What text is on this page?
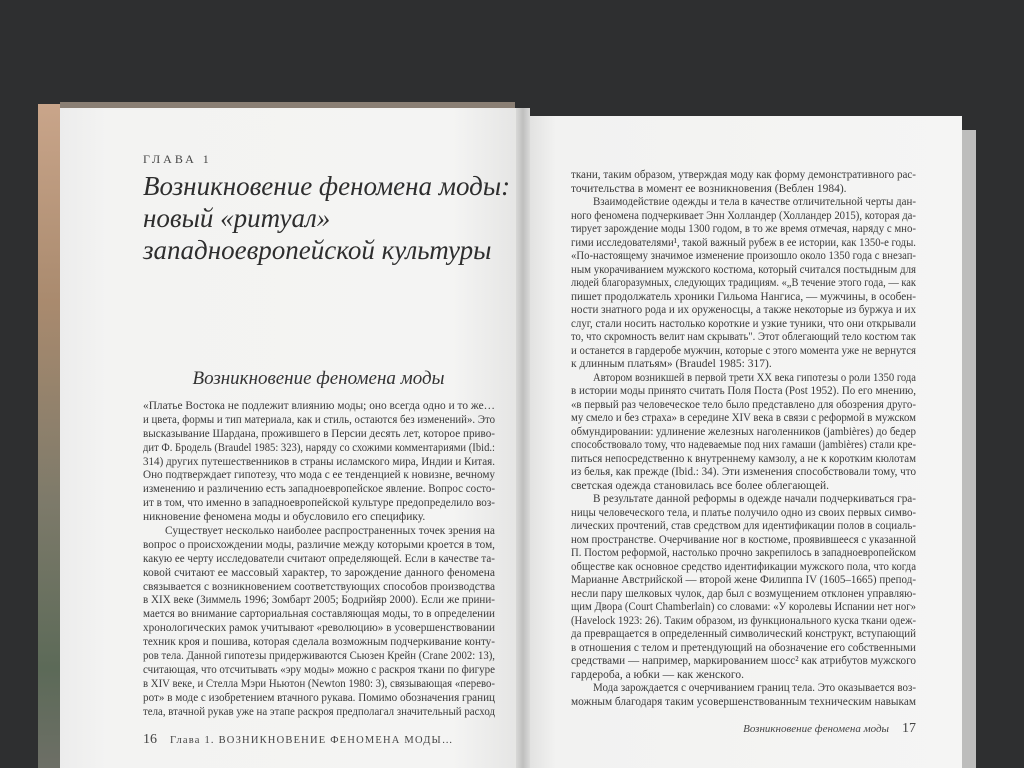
ГЛАВА 1
Возникновение феномена моды:
новый «ритуал»
западноевропейской культуры
Возникновение феномена моды
«Платье Востока не подлежит влиянию моды; оно всегда одно и то же…
и цвета, формы и тип материала, как и стиль, остаются без изменений». Это
высказывание Шардана, прожившего в Персии десять лет, которое приво-
дит Ф. Бродель (Braudel 1985: 323), наряду со схожими комментариями (Ibid.:
314) других путешественников в страны исламского мира, Индии и Китая.
Оно подтверждает гипотезу, что мода с ее тенденцией к новизне, вечному
изменению и различению есть западноевропейское явление. Вопрос состо-
ит в том, что именно в западноевропейской культуре предопределило воз-
никновение феномена моды и обусловило его специфику.
Существует несколько наиболее распространенных точек зрения на
вопрос о происхождении моды, различие между которыми кроется в том,
какую ее черту исследователи считают определяющей. Если в качестве та-
ковой считают ее массовый характер, то зарождение данного феномена
связывается с возникновением соответствующих способов производства
в XIX веке (Зиммель 1996; Зомбарт 2005; Бодрийяр 2000). Если же прини-
мается во внимание сарториальная составляющая моды, то в определении
хронологических рамок учитывают «революцию» в усовершенствовании
техник кроя и пошива, которая сделала возможным подчеркивание конту-
ров тела. Данной гипотезы придерживаются Сьюзен Крейн (Crane 2002: 13),
считающая, что отсчитывать «эру моды» можно с раскроя ткани по фигуре
в XIV веке, и Стелла Мэри Ньютон (Newton 1980: 3), связывающая «перево-
рот» в моде с изобретением втачного рукава. Помимо обозначения границ
тела, втачной рукав уже на этапе раскроя предполагал значительный расход
ткани, таким образом, утверждая моду как форму демонстративного рас-
точительства в момент ее возникновения (Веблен 1984).
Взаимодействие одежды и тела в качестве отличительной черты дан-
ного феномена подчеркивает Энн Холландер (Холландер 2015), которая да-
тирует зарождение моды 1300 годом, в то же время отмечая, наряду с мно-
гими исследователями¹, такой важный рубеж в ее истории, как 1350-е годы.
«По-настоящему значимое изменение произошло около 1350 года с внезап-
ным укорачиванием мужского костюма, который считался постыдным для
людей благоразумных, следующих традициям. «„В течение этого года, — как
пишет продолжатель хроники Гильома Нангиса, — мужчины, в особен-
ности знатного рода и их оруженосцы, а также некоторые из буржуа и их
слуг, стали носить настолько короткие и узкие туники, что они открывали
то, что скромность велит нам скрывать". Этот облегающий тело костюм так
и останется в гардеробе мужчин, которые с этого момента уже не вернутся
к длинным платьям» (Braudel 1985: 317).
Автором возникшей в первой трети XX века гипотезы о роли 1350 года
в истории моды принято считать Поля Поста (Post 1952). По его мнению,
«в первый раз человеческое тело было представлено для обозрения друго-
му смело и без страха» в середине XIV века в связи с реформой в мужском
обмундировании: удлинение железных наголенников (jambières) до бедер
способствовало тому, что надеваемые под них гамаши (jambières) стали кре-
питься непосредственно к внутреннему камзолу, а не к коротким кюлотам
из белья, как прежде (Ibid.: 34). Эти изменения способствовали тому, что
светская одежда становилась все более облегающей.
В результате данной реформы в одежде начали подчеркиваться гра-
ницы человеческого тела, и платье получило одно из своих первых симво-
лических прочтений, став средством для идентификации полов в социаль-
ном пространстве. Очерчивание ног в костюме, проявившееся с указанной
П. Постом реформой, настолько прочно закрепилось в западноевропейском
обществе как основное средство идентификации мужского пола, что когда
Марианне Австрийской — второй жене Филиппа IV (1605–1665) препод-
несли пару шелковых чулок, дар был с возмущением отклонен управляю-
щим Двора (Court Chamberlain) со словами: «У королевы Испании нет ног»
(Havelock 1923: 26). Таким образом, из функционального куска ткани одеж-
да превращается в определенный символический конструкт, вступающий
в отношения с телом и претендующий на обозначение его собственными
средствами — например, маркированием шосс² как атрибутов мужского
гардероба, а юбки — как женского.
Мода зарождается с очерчиванием границ тела. Это оказывается воз-
можным благодаря таким усовершенствованным техническим навыкам
16 Глава 1. ВОЗНИКНОВЕНИЕ ФЕНОМЕНА МОДЫ…
Возникновение феномена моды 17
